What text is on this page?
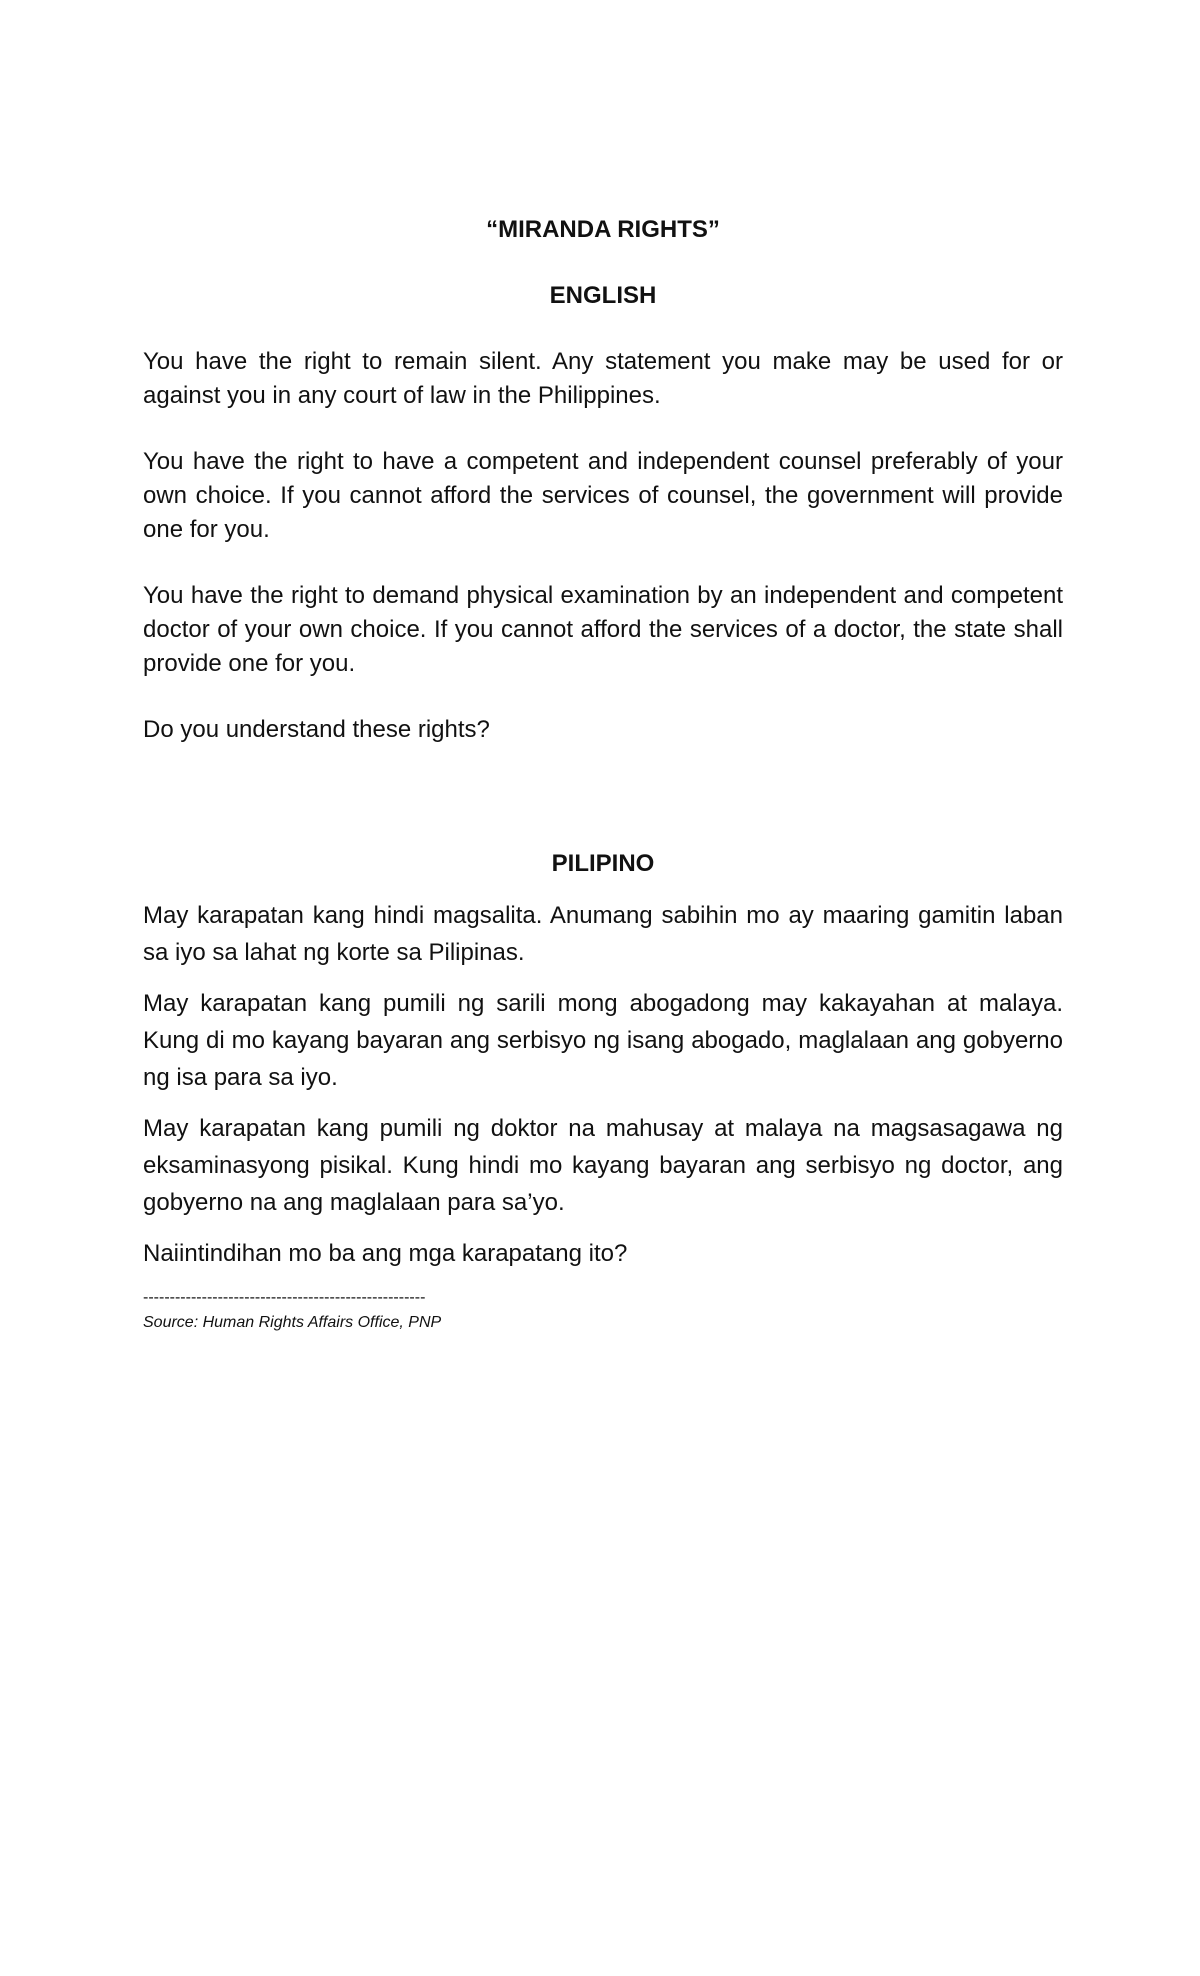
“MIRANDA RIGHTS”

ENGLISH

You have the right to remain silent. Any statement you make may be used for or against you in any court of law in the Philippines.

You have the right to have a competent and independent counsel preferably of your own choice. If you cannot afford the services of counsel, the government will provide one for you.

You have the right to demand physical examination by an independent and competent doctor of your own choice. If you cannot afford the services of a doctor, the state shall provide one for you.

Do you understand these rights?

PILIPINO

May karapatan kang hindi magsalita. Anumang sabihin mo ay maaring gamitin laban sa iyo sa lahat ng korte sa Pilipinas.

May karapatan kang pumili ng sarili mong abogadong may kakayahan at malaya. Kung di mo kayang bayaran ang serbisyo ng isang abogado, maglalaan ang gobyerno ng isa para sa iyo.

May karapatan kang pumili ng doktor na mahusay at malaya na magsasagawa ng eksaminasyong pisikal. Kung hindi mo kayang bayaran ang serbisyo ng doctor, ang gobyerno na ang maglalaan para sa’yo.

Naiintindihan mo ba ang mga karapatang ito?

-----------------------------------------------------

Source: Human Rights Affairs Office, PNP
